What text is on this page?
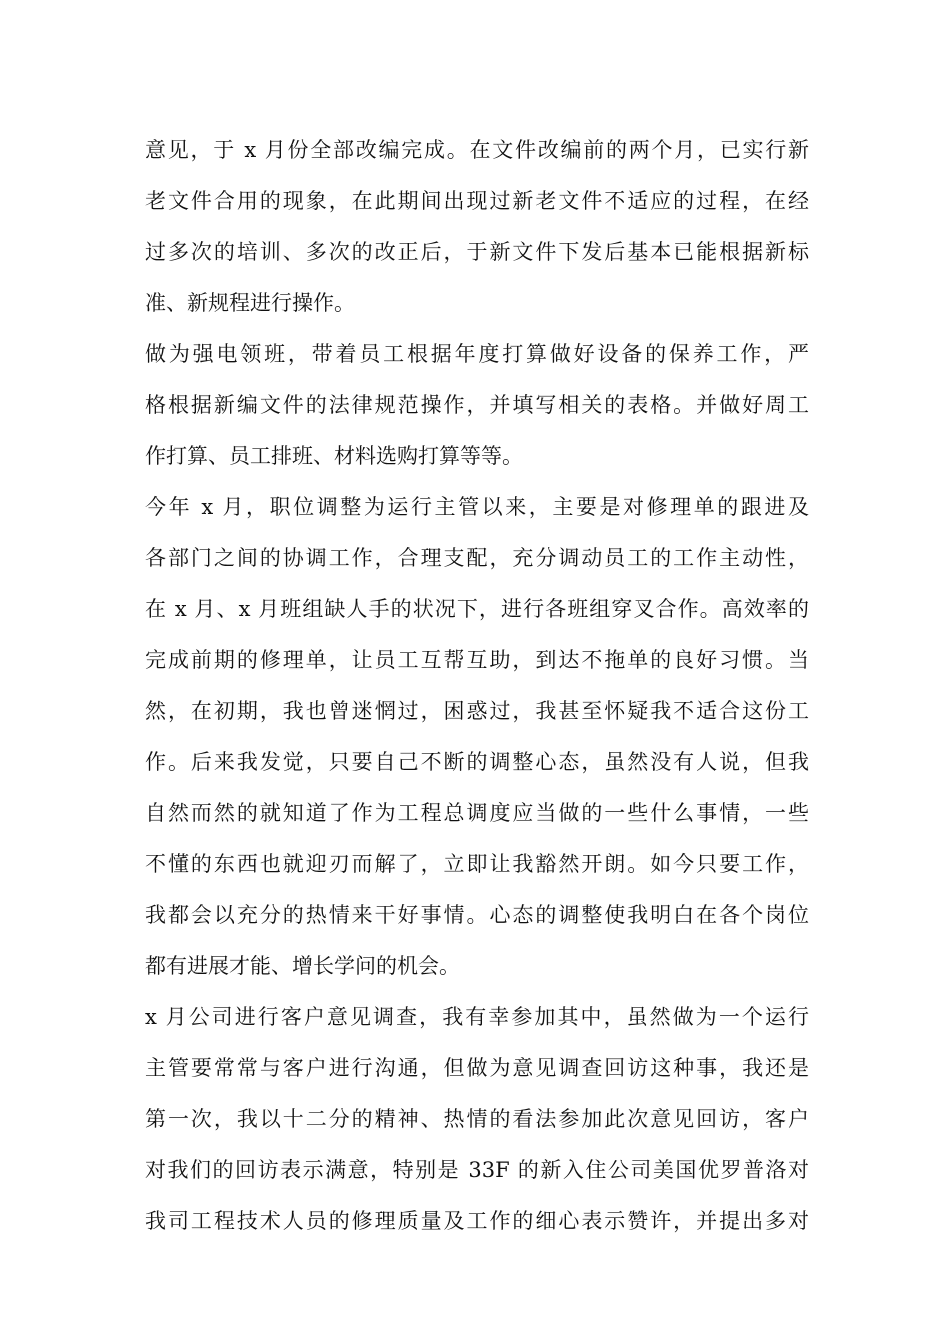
意见，于 x 月份全部改编完成。在文件改编前的两个月，已实行新
老文件合用的现象，在此期间出现过新老文件不适应的过程，在经
过多次的培训、多次的改正后，于新文件下发后基本已能根据新标
准、新规程进行操作。
做为强电领班，带着员工根据年度打算做好设备的保养工作，严
格根据新编文件的法律规范操作，并填写相关的表格。并做好周工
作打算、员工排班、材料选购打算等等。
今年 x 月，职位调整为运行主管以来，主要是对修理单的跟进及
各部门之间的协调工作，合理支配，充分调动员工的工作主动性，
在 x 月、x 月班组缺人手的状况下，进行各班组穿叉合作。高效率的
完成前期的修理单，让员工互帮互助，到达不拖单的良好习惯。当
然，在初期，我也曾迷惘过，困惑过，我甚至怀疑我不适合这份工
作。后来我发觉，只要自己不断的调整心态，虽然没有人说，但我
自然而然的就知道了作为工程总调度应当做的一些什么事情，一些
不懂的东西也就迎刃而解了，立即让我豁然开朗。如今只要工作，
我都会以充分的热情来干好事情。心态的调整使我明白在各个岗位
都有进展才能、增长学问的机会。
x 月公司进行客户意见调查，我有幸参加其中，虽然做为一个运行
主管要常常与客户进行沟通，但做为意见调查回访这种事，我还是
第一次，我以十二分的精神、热情的看法参加此次意见回访，客户
对我们的回访表示满意，特别是 33F 的新入住公司美国优罗普洛对
我司工程技术人员的修理质量及工作的细心表示赞许，并提出多对
